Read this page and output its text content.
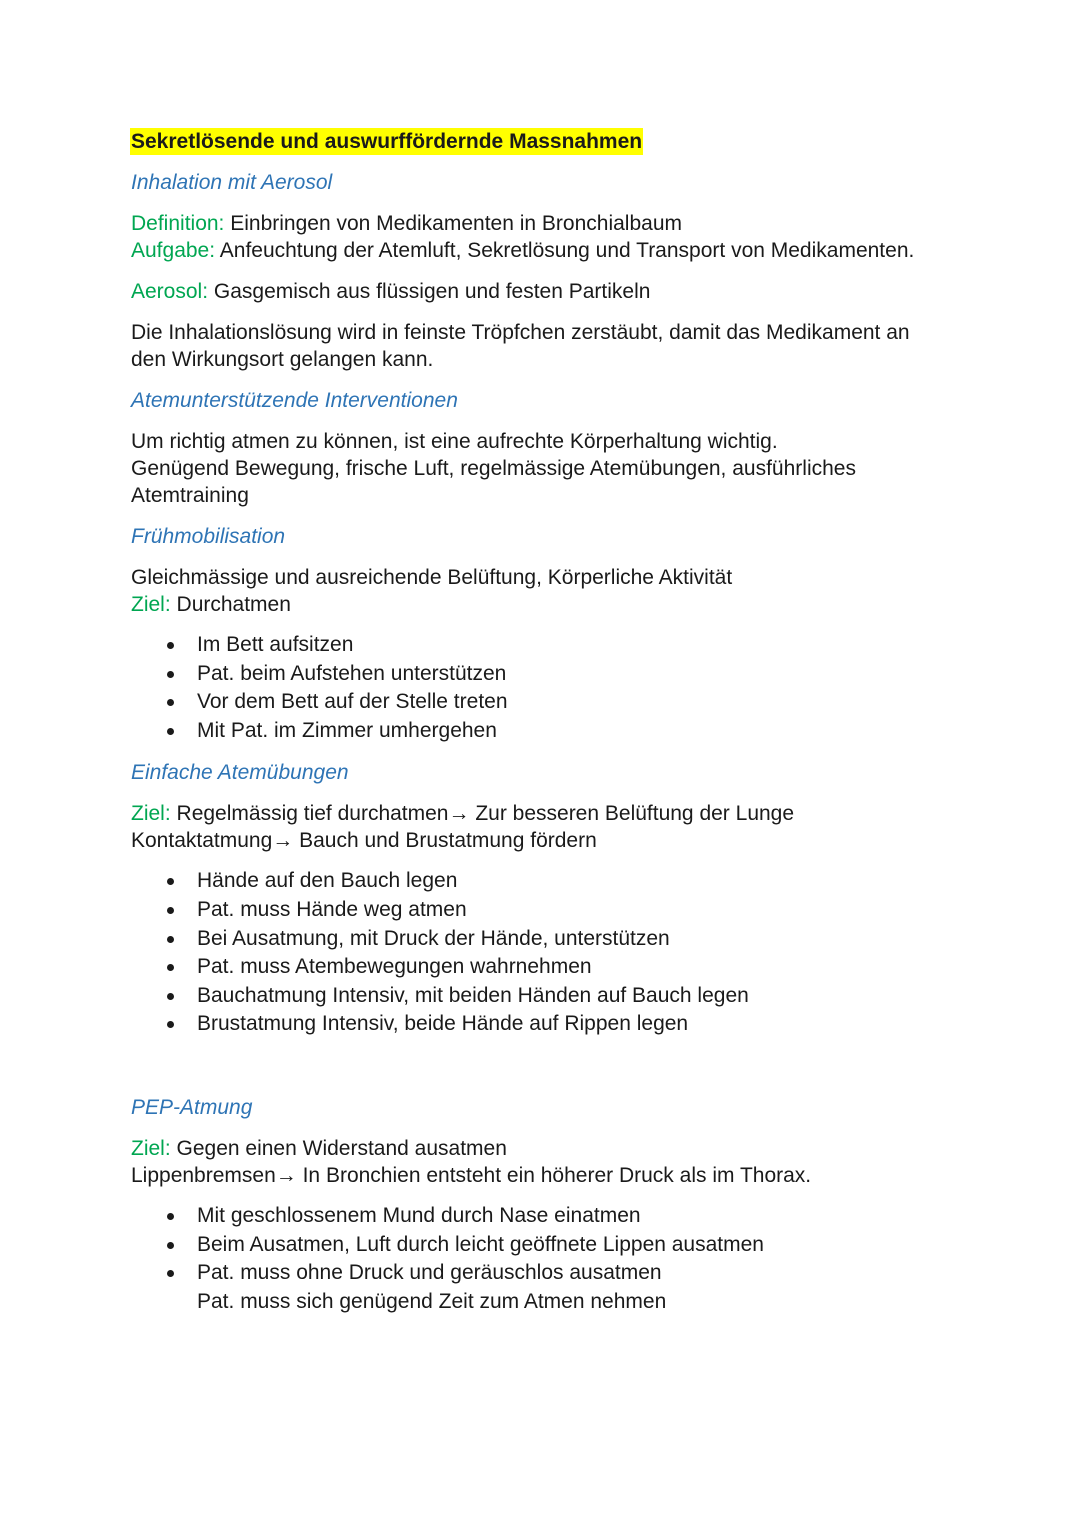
Sekretlösende und auswurffördernde Massnahmen
Inhalation mit Aerosol
Definition: Einbringen von Medikamenten in Bronchialbaum
Aufgabe: Anfeuchtung der Atemluft, Sekretlösung und Transport von Medikamenten.
Aerosol: Gasgemisch aus flüssigen und festen Partikeln
Die Inhalationslösung wird in feinste Tröpfchen zerstäubt, damit das Medikament an
den Wirkungsort gelangen kann.
Atemunterstützende Interventionen
Um richtig atmen zu können, ist eine aufrechte Körperhaltung wichtig.
Genügend Bewegung, frische Luft, regelmässige Atemübungen, ausführliches
Atemtraining
Frühmobilisation
Gleichmässige und ausreichende Belüftung, Körperliche Aktivität
Ziel: Durchatmen
Im Bett aufsitzen
Pat. beim Aufstehen unterstützen
Vor dem Bett auf der Stelle treten
Mit Pat. im Zimmer umhergehen
Einfache Atemübungen
Ziel: Regelmässig tief durchatmen→ Zur besseren Belüftung der Lunge
Kontaktatmung→ Bauch und Brustatmung fördern
Hände auf den Bauch legen
Pat. muss Hände weg atmen
Bei Ausatmung, mit Druck der Hände, unterstützen
Pat. muss Atembewegungen wahrnehmen
Bauchatmung Intensiv, mit beiden Händen auf Bauch legen
Brustatmung Intensiv, beide Hände auf Rippen legen
PEP-Atmung
Ziel: Gegen einen Widerstand ausatmen
Lippenbremsen→ In Bronchien entsteht ein höherer Druck als im Thorax.
Mit geschlossenem Mund durch Nase einatmen
Beim Ausatmen, Luft durch leicht geöffnete Lippen ausatmen
Pat. muss ohne Druck und geräuschlos ausatmen
Pat. muss sich genügend Zeit zum Atmen nehmen
